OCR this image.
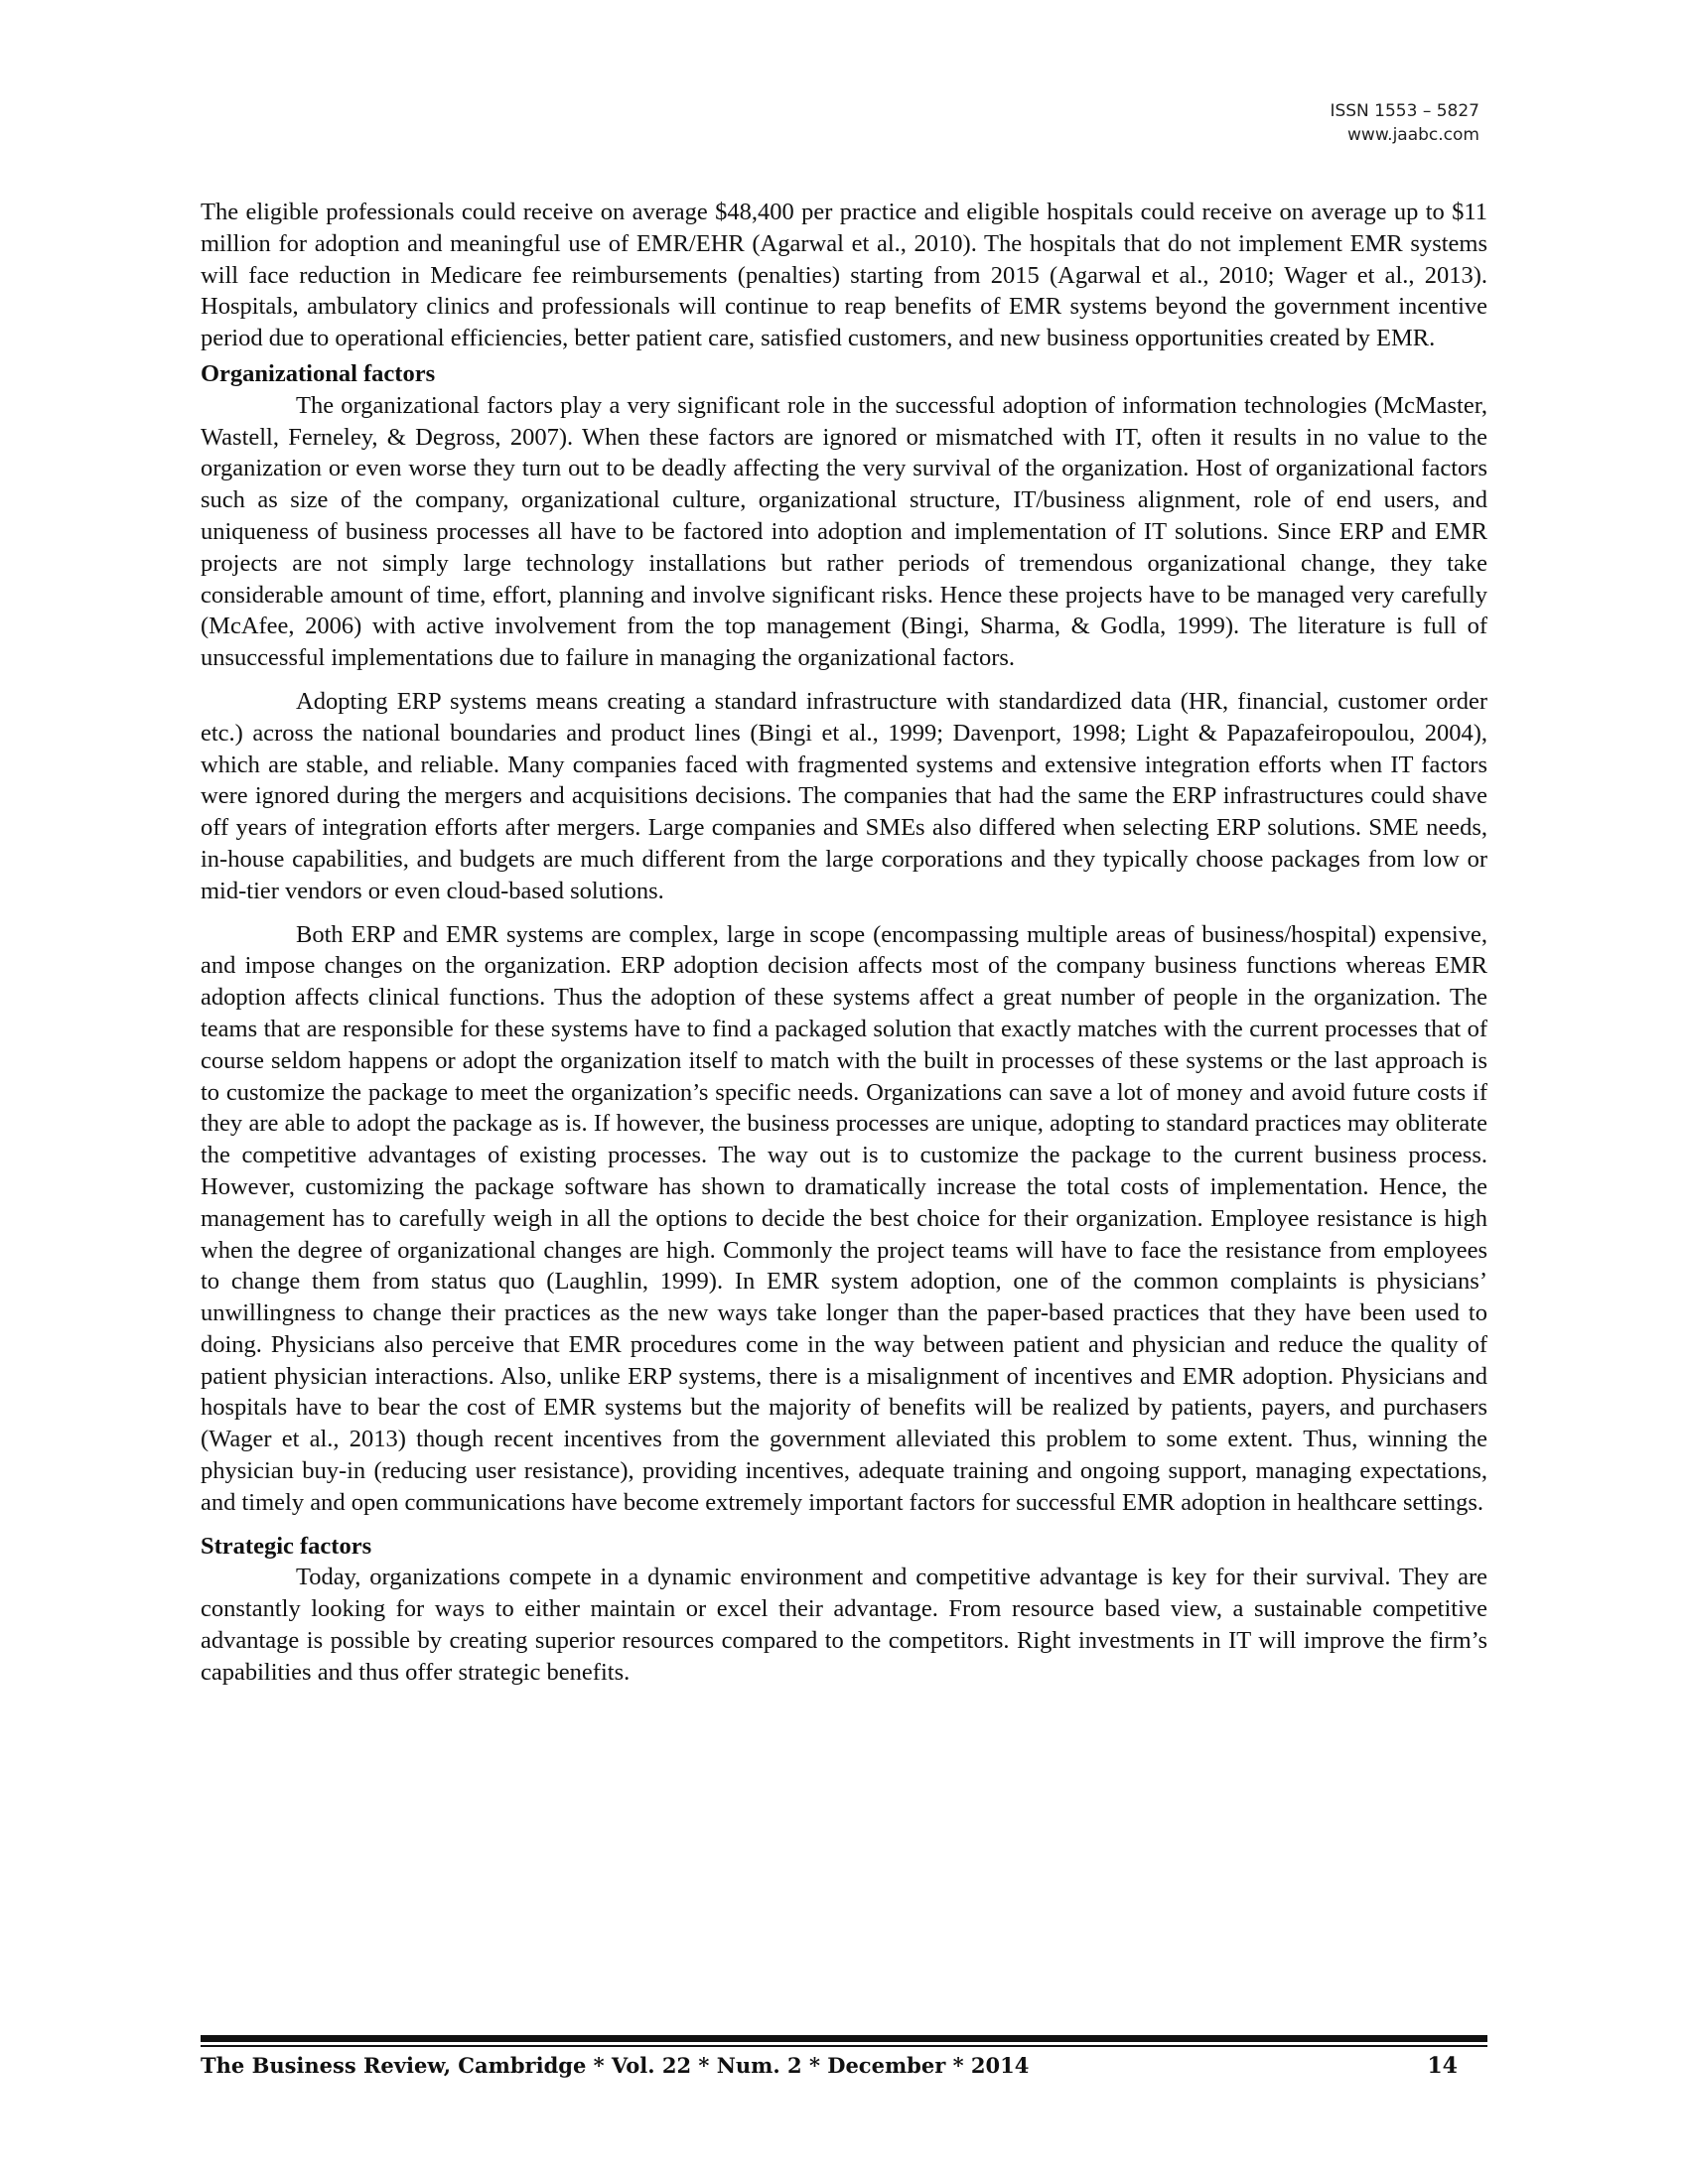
ISSN 1553 – 5827
www.jaabc.com

The eligible professionals could receive on average $48,400 per practice and eligible hospitals could receive on average up to $11 million for adoption and meaningful use of EMR/EHR (Agarwal et al., 2010). The hospitals that do not implement EMR systems will face reduction in Medicare fee reimbursements (penalties) starting from 2015 (Agarwal et al., 2010; Wager et al., 2013). Hospitals, ambulatory clinics and professionals will continue to reap benefits of EMR systems beyond the government incentive period due to operational efficiencies, better patient care, satisfied customers, and new business opportunities created by EMR.

Organizational factors

The organizational factors play a very significant role in the successful adoption of information technologies (McMaster, Wastell, Ferneley, & Degross, 2007). When these factors are ignored or mismatched with IT, often it results in no value to the organization or even worse they turn out to be deadly affecting the very survival of the organization. Host of organizational factors such as size of the company, organizational culture, organizational structure, IT/business alignment, role of end users, and uniqueness of business processes all have to be factored into adoption and implementation of IT solutions. Since ERP and EMR projects are not simply large technology installations but rather periods of tremendous organizational change, they take considerable amount of time, effort, planning and involve significant risks. Hence these projects have to be managed very carefully (McAfee, 2006) with active involvement from the top management (Bingi, Sharma, & Godla, 1999). The literature is full of unsuccessful implementations due to failure in managing the organizational factors.

Adopting ERP systems means creating a standard infrastructure with standardized data (HR, financial, customer order etc.) across the national boundaries and product lines (Bingi et al., 1999; Davenport, 1998; Light & Papazafeiropoulou, 2004), which are stable, and reliable. Many companies faced with fragmented systems and extensive integration efforts when IT factors were ignored during the mergers and acquisitions decisions. The companies that had the same the ERP infrastructures could shave off years of integration efforts after mergers. Large companies and SMEs also differed when selecting ERP solutions. SME needs, in-house capabilities, and budgets are much different from the large corporations and they typically choose packages from low or mid-tier vendors or even cloud-based solutions.

Both ERP and EMR systems are complex, large in scope (encompassing multiple areas of business/hospital) expensive, and impose changes on the organization. ERP adoption decision affects most of the company business functions whereas EMR adoption affects clinical functions. Thus the adoption of these systems affect a great number of people in the organization. The teams that are responsible for these systems have to find a packaged solution that exactly matches with the current processes that of course seldom happens or adopt the organization itself to match with the built in processes of these systems or the last approach is to customize the package to meet the organization’s specific needs. Organizations can save a lot of money and avoid future costs if they are able to adopt the package as is. If however, the business processes are unique, adopting to standard practices may obliterate the competitive advantages of existing processes. The way out is to customize the package to the current business process. However, customizing the package software has shown to dramatically increase the total costs of implementation. Hence, the management has to carefully weigh in all the options to decide the best choice for their organization. Employee resistance is high when the degree of organizational changes are high. Commonly the project teams will have to face the resistance from employees to change them from status quo (Laughlin, 1999). In EMR system adoption, one of the common complaints is physicians’ unwillingness to change their practices as the new ways take longer than the paper-based practices that they have been used to doing. Physicians also perceive that EMR procedures come in the way between patient and physician and reduce the quality of patient physician interactions. Also, unlike ERP systems, there is a misalignment of incentives and EMR adoption. Physicians and hospitals have to bear the cost of EMR systems but the majority of benefits will be realized by patients, payers, and purchasers (Wager et al., 2013) though recent incentives from the government alleviated this problem to some extent. Thus, winning the physician buy-in (reducing user resistance), providing incentives, adequate training and ongoing support, managing expectations, and timely and open communications have become extremely important factors for successful EMR adoption in healthcare settings.

Strategic factors

Today, organizations compete in a dynamic environment and competitive advantage is key for their survival. They are constantly looking for ways to either maintain or excel their advantage. From resource based view, a sustainable competitive advantage is possible by creating superior resources compared to the competitors. Right investments in IT will improve the firm’s capabilities and thus offer strategic benefits.

The Business Review, Cambridge * Vol. 22 * Num. 2 * December * 2014	14
